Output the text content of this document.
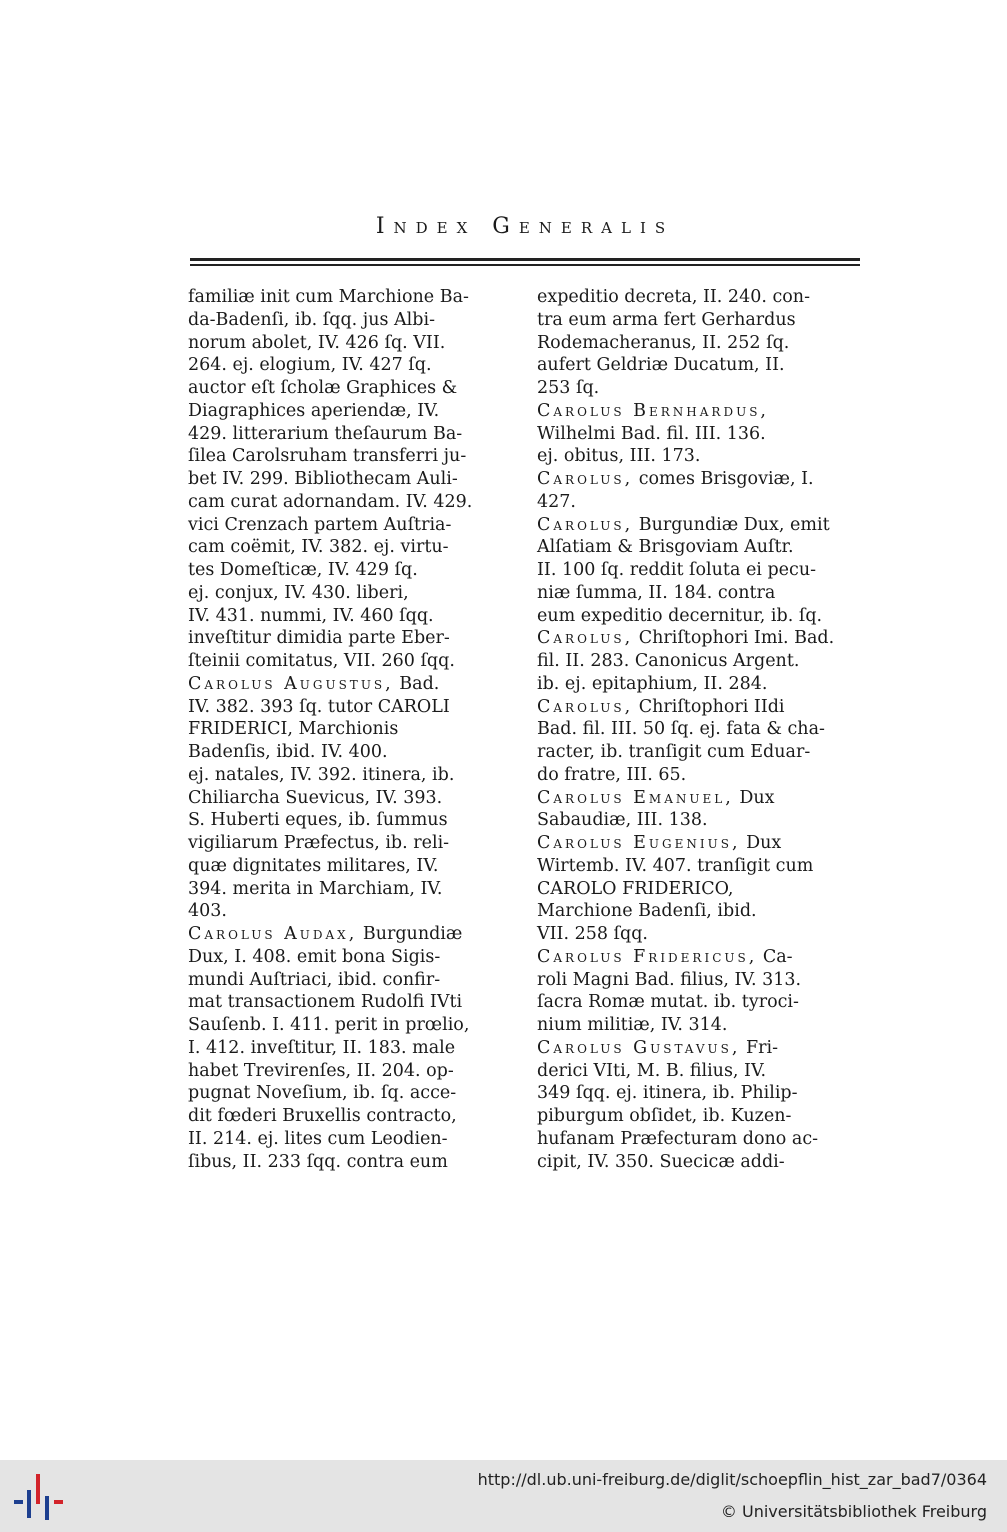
Index Generalis
familiæ init cum Marchione Ba-
da-Badenſi, ib. ſqq. jus Albi-
norum abolet, IV. 426 ſq. VII.
264. ej. elogium, IV. 427 ſq.
auctor eſt ſcholæ Graphices &
Diagraphices aperiendæ, IV.
429. litterarium theſaurum Ba-
ſilea Carolsruham transferri ju-
bet IV. 299. Bibliothecam Auli-
cam curat adornandam. IV. 429.
vici Crenzach partem Auſtria-
cam coëmit, IV. 382. ej. virtu-
tes Domeſticæ, IV. 429 ſq.
ej. conjux, IV. 430. liberi,
IV. 431. nummi, IV. 460 ſqq.
inveſtitur dimidia parte Eber-
ſteinii comitatus, VII. 260 ſqq.
Carolus Augustus, Bad.
IV. 382. 393 ſq. tutor CAROLI
FRIDERICI, Marchionis
Badenſis, ibid. IV. 400.
ej. natales, IV. 392. itinera, ib.
Chiliarcha Suevicus, IV. 393.
S. Huberti eques, ib. ſummus
vigiliarum Præfectus, ib. reli-
quæ dignitates militares, IV.
394. merita in Marchiam, IV.
403.
Carolus Audax, Burgundiæ
Dux, I. 408. emit bona Sigis-
mundi Auſtriaci, ibid. confir-
mat transactionem Rudolfi IVti
Sauſenb. I. 411. perit in prœlio,
I. 412. inveſtitur, II. 183. male
habet Trevirenſes, II. 204. op-
pugnat Noveſium, ib. ſq. acce-
dit fœderi Bruxellis contracto,
II. 214. ej. lites cum Leodien-
ſibus, II. 233 ſqq. contra eum
expeditio decreta, II. 240. con-
tra eum arma fert Gerhardus
Rodemacheranus, II. 252 ſq.
aufert Geldriæ Ducatum, II.
253 ſq.
Carolus Bernhardus,
Wilhelmi Bad. fil. III. 136.
ej. obitus, III. 173.
Carolus, comes Brisgoviæ, I.
427.
Carolus, Burgundiæ Dux, emit
Alſatiam & Brisgoviam Auſtr.
II. 100 ſq. reddit ſoluta ei pecu-
niæ ſumma, II. 184. contra
eum expeditio decernitur, ib. ſq.
Carolus, Chriſtophori Imi. Bad.
fil. II. 283. Canonicus Argent.
ib. ej. epitaphium, II. 284.
Carolus, Chriſtophori IIdi
Bad. fil. III. 50 ſq. ej. fata & cha-
racter, ib. tranſigit cum Eduar-
do fratre, III. 65.
Carolus Emanuel, Dux
Sabaudiæ, III. 138.
Carolus Eugenius, Dux
Wirtemb. IV. 407. tranſigit cum
CAROLO FRIDERICO,
Marchione Badenſi, ibid.
VII. 258 ſqq.
Carolus Fridericus, Ca-
roli Magni Bad. filius, IV. 313.
ſacra Romæ mutat. ib. tyroci-
nium militiæ, IV. 314.
Carolus Gustavus, Fri-
derici VIti, M. B. filius, IV.
349 ſqq. ej. itinera, ib. Philip-
piburgum obſidet, ib. Kuzen-
hufanam Præfecturam dono ac-
cipit, IV. 350. Suecicæ addi-
http://dl.ub.uni-freiburg.de/diglit/schoepflin_hist_zar_bad7/0364
© Universitätsbibliothek Freiburg
